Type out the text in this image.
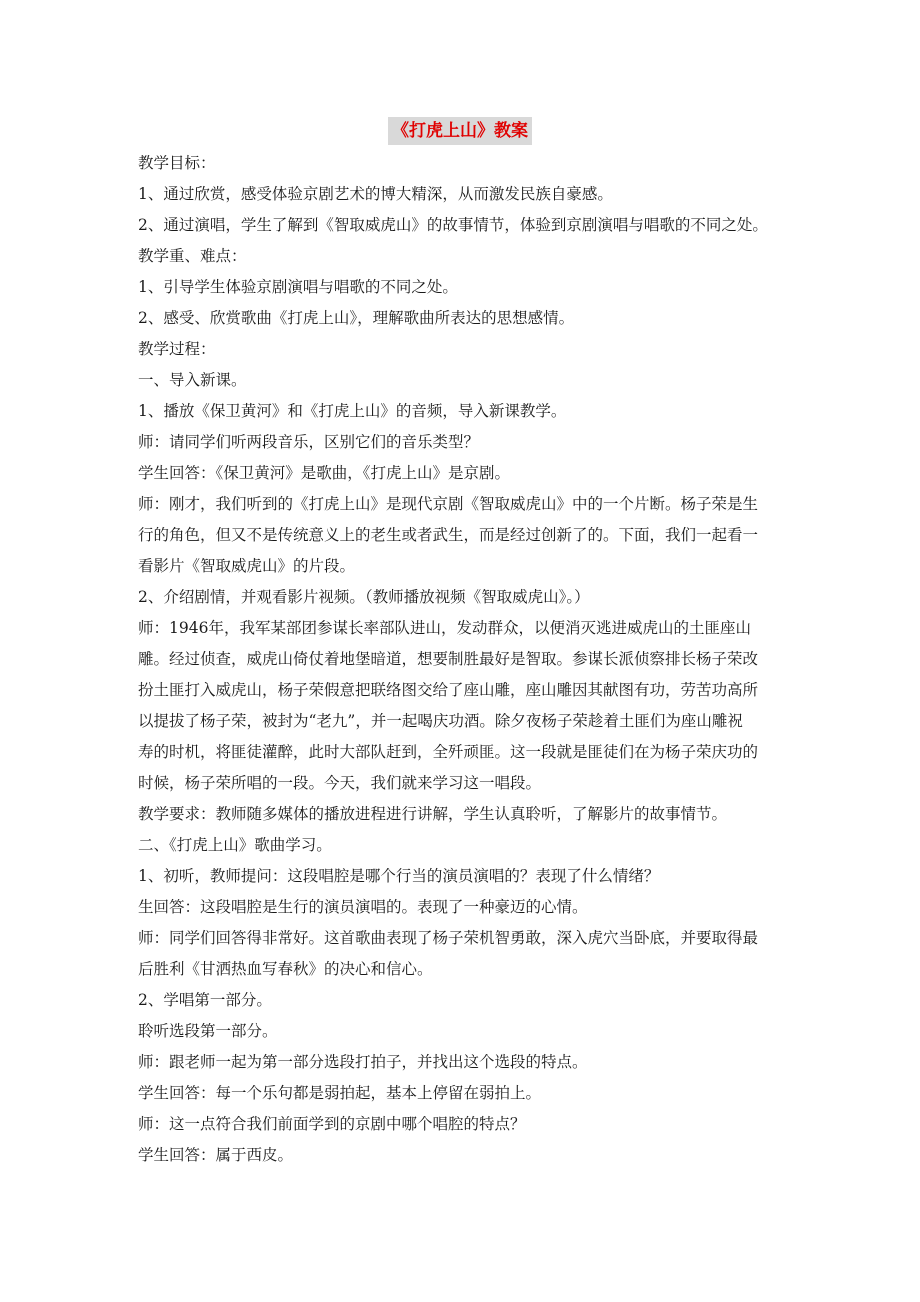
《打虎上山》教案
教学目标：
1、通过欣赏，感受体验京剧艺术的博大精深，从而激发民族自豪感。
2、通过演唱，学生了解到《智取威虎山》的故事情节，体验到京剧演唱与唱歌的不同之处。
教学重、难点：
1、引导学生体验京剧演唱与唱歌的不同之处。
2、感受、欣赏歌曲《打虎上山》，理解歌曲所表达的思想感情。
教学过程：
一、导入新课。
1、播放《保卫黄河》和《打虎上山》的音频，导入新课教学。
师：请同学们听两段音乐，区别它们的音乐类型？
学生回答：《保卫黄河》是歌曲，《打虎上山》是京剧。
师：刚才，我们听到的《打虎上山》是现代京剧《智取威虎山》中的一个片断。杨子荣是生
行的角色，但又不是传统意义上的老生或者武生，而是经过创新了的。下面，我们一起看一
看影片《智取威虎山》的片段。
2、介绍剧情，并观看影片视频。（教师播放视频《智取威虎山》。）
师：1946年，我军某部团参谋长率部队进山，发动群众，以便消灭逃进威虎山的土匪座山
雕。经过侦查，威虎山倚仗着地堡暗道，想要制胜最好是智取。参谋长派侦察排长杨子荣改
扮土匪打入威虎山，杨子荣假意把联络图交给了座山雕，座山雕因其献图有功，劳苦功高所
以提拔了杨子荣，被封为“老九”，并一起喝庆功酒。除夕夜杨子荣趁着土匪们为座山雕祝
寿的时机，将匪徒灌醉，此时大部队赶到，全歼顽匪。这一段就是匪徒们在为杨子荣庆功的
时候，杨子荣所唱的一段。今天，我们就来学习这一唱段。
教学要求：教师随多媒体的播放进程进行讲解，学生认真聆听，了解影片的故事情节。
二、《打虎上山》歌曲学习。
1、初听，教师提问：这段唱腔是哪个行当的演员演唱的？表现了什么情绪？
生回答：这段唱腔是生行的演员演唱的。表现了一种豪迈的心情。
师：同学们回答得非常好。这首歌曲表现了杨子荣机智勇敢，深入虎穴当卧底，并要取得最
后胜利《甘洒热血写春秋》的决心和信心。
2、学唱第一部分。
聆听选段第一部分。
师：跟老师一起为第一部分选段打拍子，并找出这个选段的特点。
学生回答：每一个乐句都是弱拍起，基本上停留在弱拍上。
师：这一点符合我们前面学到的京剧中哪个唱腔的特点？
学生回答：属于西皮。
